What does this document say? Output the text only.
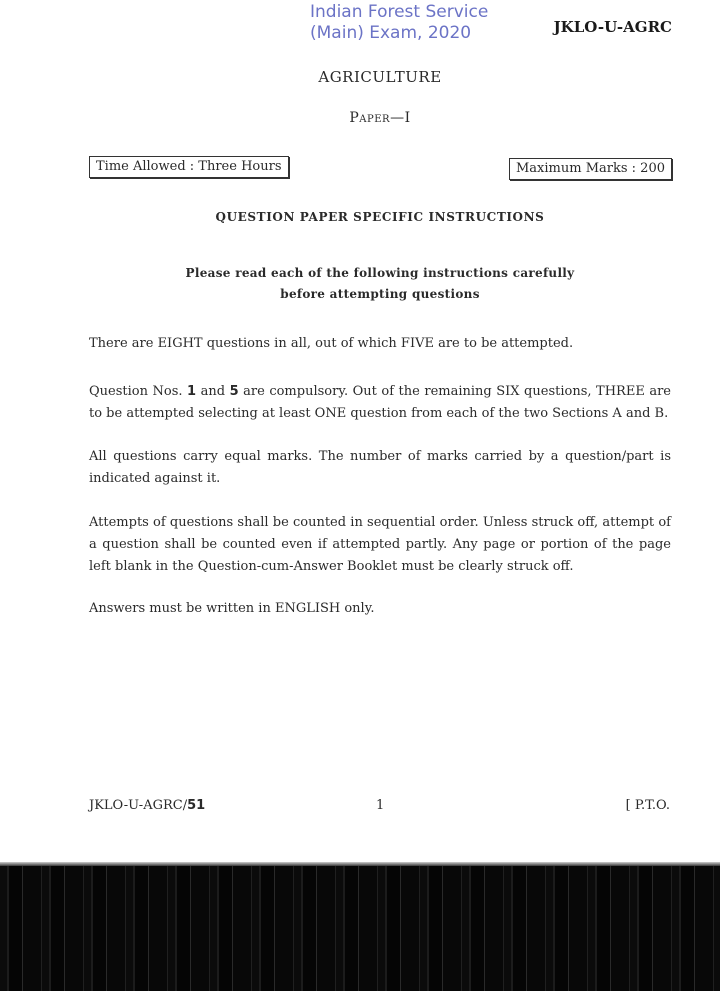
Indian Forest Service
(Main) Exam, 2020	JKLO-U-AGRC
AGRICULTURE
Paper—I
Time Allowed : Three Hours	Maximum Marks : 200
QUESTION PAPER SPECIFIC INSTRUCTIONS
Please read each of the following instructions carefully
before attempting questions
There are EIGHT questions in all, out of which FIVE are to be attempted.
Question Nos. 1 and 5 are compulsory. Out of the remaining SIX questions, THREE are to be attempted selecting at least ONE question from each of the two Sections A and B.
All questions carry equal marks. The number of marks carried by a question/part is indicated against it.
Attempts of questions shall be counted in sequential order. Unless struck off, attempt of a question shall be counted even if attempted partly. Any page or portion of the page left blank in the Question-cum-Answer Booklet must be clearly struck off.
Answers must be written in ENGLISH only.
JKLO-U-AGRC/51	1	[ P.T.O.
